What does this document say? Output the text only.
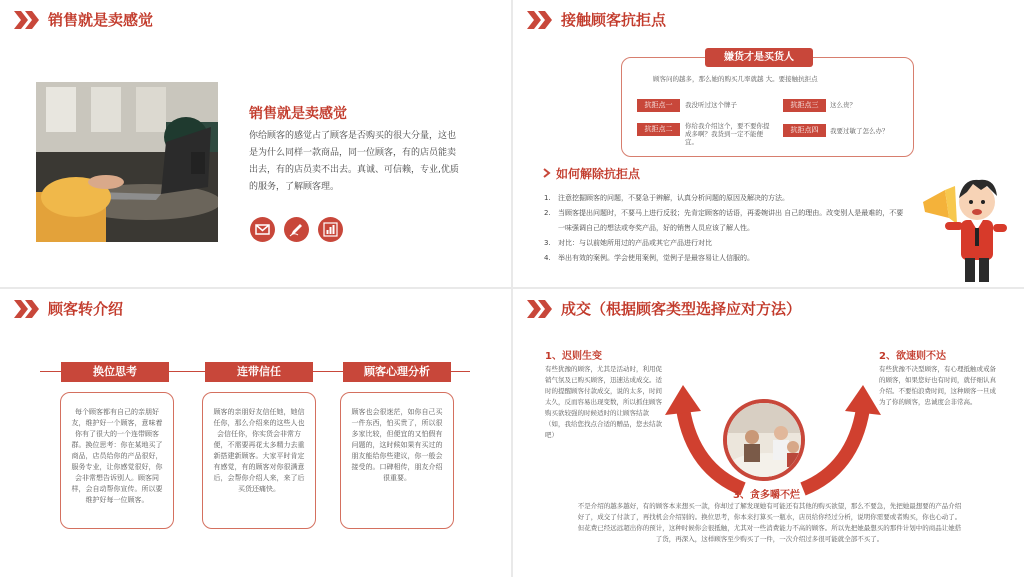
销售就是卖感觉
销售就是卖感觉
你给顾客的感觉占了顾客是否购买的很大分量，这也是为什么同样一款商品，同一位顾客，有的店员能卖出去，有的店员卖不出去。真诚、可信赖，专业,优质的服务，了解顾客理。
接触顾客抗拒点
嫌货才是买货人
顾客问的越多，那么她的购买几率就越 大。要接触抗拒点
抗拒点一	我没听过这个牌子
抗拒点二	你给我介绍这个，要不要你提成多啊？我货到一定不能便宜。
抗拒点三	这么贵？
抗拒点四	我要过敏了怎么办？
如何解除抗拒点
1.	注意挖掘顾客的问题，不要急于辨解，认真分析问题的原因及解决的方法。
2.	当顾客提出问题时，不要马上进行反驳；先肯定顾客的话语，再委婉讲出 自己的理由。改变别人是最难的，不要一味强调自己的想法或夸奖产品，好的销售人员应该了解人性。
3.	对比：与以前她所用过的产品或其它产品进行对比
4.	举出有效的案例。学会使用案例，觉例子是最容易让人信服的。
顾客转介绍
换位思考	连带信任	顾客心理分析
每个顾客都有自己的亲朋好友，维护好一个顾客，意味着你有了很大的一个连带顾客群。换位思考：你在某地买了商品，店员给你的产品很好，服务专业，让你感觉很好，你会非常想告诉别人。顾客同样，会自动帮你宣传。所以要维护好每一位顾客。
顾客的亲朋好友信任她，她信任你，那么介绍来的这些人也会信任你，你实货会非常方便，不需要再花太多精力去重新搭建新顾客。大家平时肯定有感觉，有的顾客对你很满意后，会帮你介绍人来，来了后买货还痛快。
顾客也会很迷茫，如你自己买一件东西，怕买贵了，所以很多家比较，但便宜的又怕假有问题的，这时候如果有买过的朋友能给你些建议，你一般会接受的。口碑相传，朋友介绍很重要。
成交（根据顾客类型选择应对方法）
1、迟则生变
有些犹豫的顾客，尤其是活动时，利用促销气氛及已购买顾客，迅速达成成交。适时的提醒顾客付款成交，说的太多，时间太久，反而容易出现变数，所以抓住顾客购买欲较强的时候适时的让顾客结款（如，我给您找点合适的赠品，您去结款吧）
2、欲速则不达
有些犹豫不决型顾客，有心理抵触或戒备的顾客，如果您好也有时间，就仔细认真介绍。不要怕浪费时间，这种顾客一旦成为了你的顾客，忠诚度会非常高。
3、贪多嚼不烂
不是介绍的越多越好，有的顾客本来想买一款，你却过了解发现她有可能还有其他的购买欲望，那么不要急，先把她最想要的产品介绍好了，成交了付款了，再找机会介绍别的。换位思考，你本来打算买一瓶水，店员给你经过分析，说明你需要或者购买，你也心动了。但花费已经远远超出你的预计，这种时候你会很抵触，尤其对一些消费能力不高的顾客。所以先把她最想买的那件计划中的商品让她搭了货，再深入，这样顾客至少购买了一件，一次介绍过多很可能就全部不买了。
